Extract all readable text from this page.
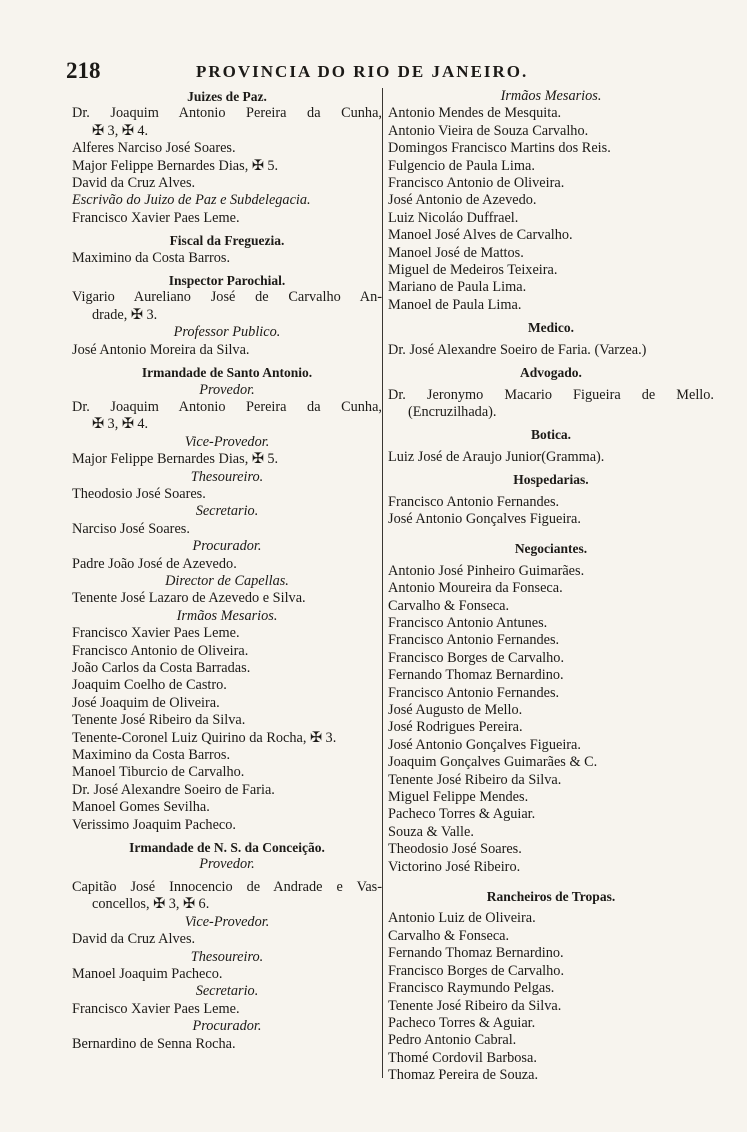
218	PROVINCIA DO RIO DE JANEIRO.
Juizes de Paz.
Dr. Joaquim Antonio Pereira da Cunha,
✠ 3, ✠ 4.
Alferes Narciso José Soares.
Major Felippe Bernardes Dias, ✠ 5.
David da Cruz Alves.
Escrivão do Juizo de Paz e Subdelegacia.
Francisco Xavier Paes Leme.
Fiscal da Freguezia.
Maximino da Costa Barros.
Inspector Parochial.
Vigario Aureliano José de Carvalho An-
drade, ✠ 3.
Professor Publico.
José Antonio Moreira da Silva.
Irmandade de Santo Antonio.
Provedor.
Dr. Joaquim Antonio Pereira da Cunha,
✠ 3, ✠ 4.
Vice-Provedor.
Major Felippe Bernardes Dias, ✠ 5.
Thesoureiro.
Theodosio José Soares.
Secretario.
Narciso José Soares.
Procurador.
Padre João José de Azevedo.
Director de Capellas.
Tenente José Lazaro de Azevedo e Silva.
Irmãos Mesarios.
Francisco Xavier Paes Leme.
Francisco Antonio de Oliveira.
João Carlos da Costa Barradas.
Joaquim Coelho de Castro.
José Joaquim de Oliveira.
Tenente José Ribeiro da Silva.
Tenente-Coronel Luiz Quirino da Rocha, ✠ 3.
Maximino da Costa Barros.
Manoel Tiburcio de Carvalho.
Dr. José Alexandre Soeiro de Faria.
Manoel Gomes Sevilha.
Verissimo Joaquim Pacheco.
Irmandade de N. S. da Conceição.
Provedor.
Capitão José Innocencio de Andrade e Vas-
concellos, ✠ 3, ✠ 6.
Vice-Provedor.
David da Cruz Alves.
Thesoureiro.
Manoel Joaquim Pacheco.
Secretario.
Francisco Xavier Paes Leme.
Procurador.
Bernardino de Senna Rocha.
Irmãos Mesarios.
Antonio Mendes de Mesquita.
Antonio Vieira de Souza Carvalho.
Domingos Francisco Martins dos Reis.
Fulgencio de Paula Lima.
Francisco Antonio de Oliveira.
José Antonio de Azevedo.
Luiz Nicoláo Duffrael.
Manoel José Alves de Carvalho.
Manoel José de Mattos.
Miguel de Medeiros Teixeira.
Mariano de Paula Lima.
Manoel de Paula Lima.
Medico.
Dr. José Alexandre Soeiro de Faria. (Varzea.)
Advogado.
Dr. Jeronymo Macario Figueira de Mello.
(Encruzilhada).
Botica.
Luiz José de Araujo Junior(Gramma).
Hospedarias.
Francisco Antonio Fernandes.
José Antonio Gonçalves Figueira.
Negociantes.
Antonio José Pinheiro Guimarães.
Antonio Moureira da Fonseca.
Carvalho & Fonseca.
Francisco Antonio Antunes.
Francisco Antonio Fernandes.
Francisco Borges de Carvalho.
Fernando Thomaz Bernardino.
Francisco Antonio Fernandes.
José Augusto de Mello.
José Rodrigues Pereira.
José Antonio Gonçalves Figueira.
Joaquim Gonçalves Guimarães & C.
Tenente José Ribeiro da Silva.
Miguel Felippe Mendes.
Pacheco Torres & Aguiar.
Souza & Valle.
Theodosio José Soares.
Victorino José Ribeiro.
Rancheiros de Tropas.
Antonio Luiz de Oliveira.
Carvalho & Fonseca.
Fernando Thomaz Bernardino.
Francisco Borges de Carvalho.
Francisco Raymundo Pelgas.
Tenente José Ribeiro da Silva.
Pacheco Torres & Aguiar.
Pedro Antonio Cabral.
Thomé Cordovil Barbosa.
Thomaz Pereira de Souza.
